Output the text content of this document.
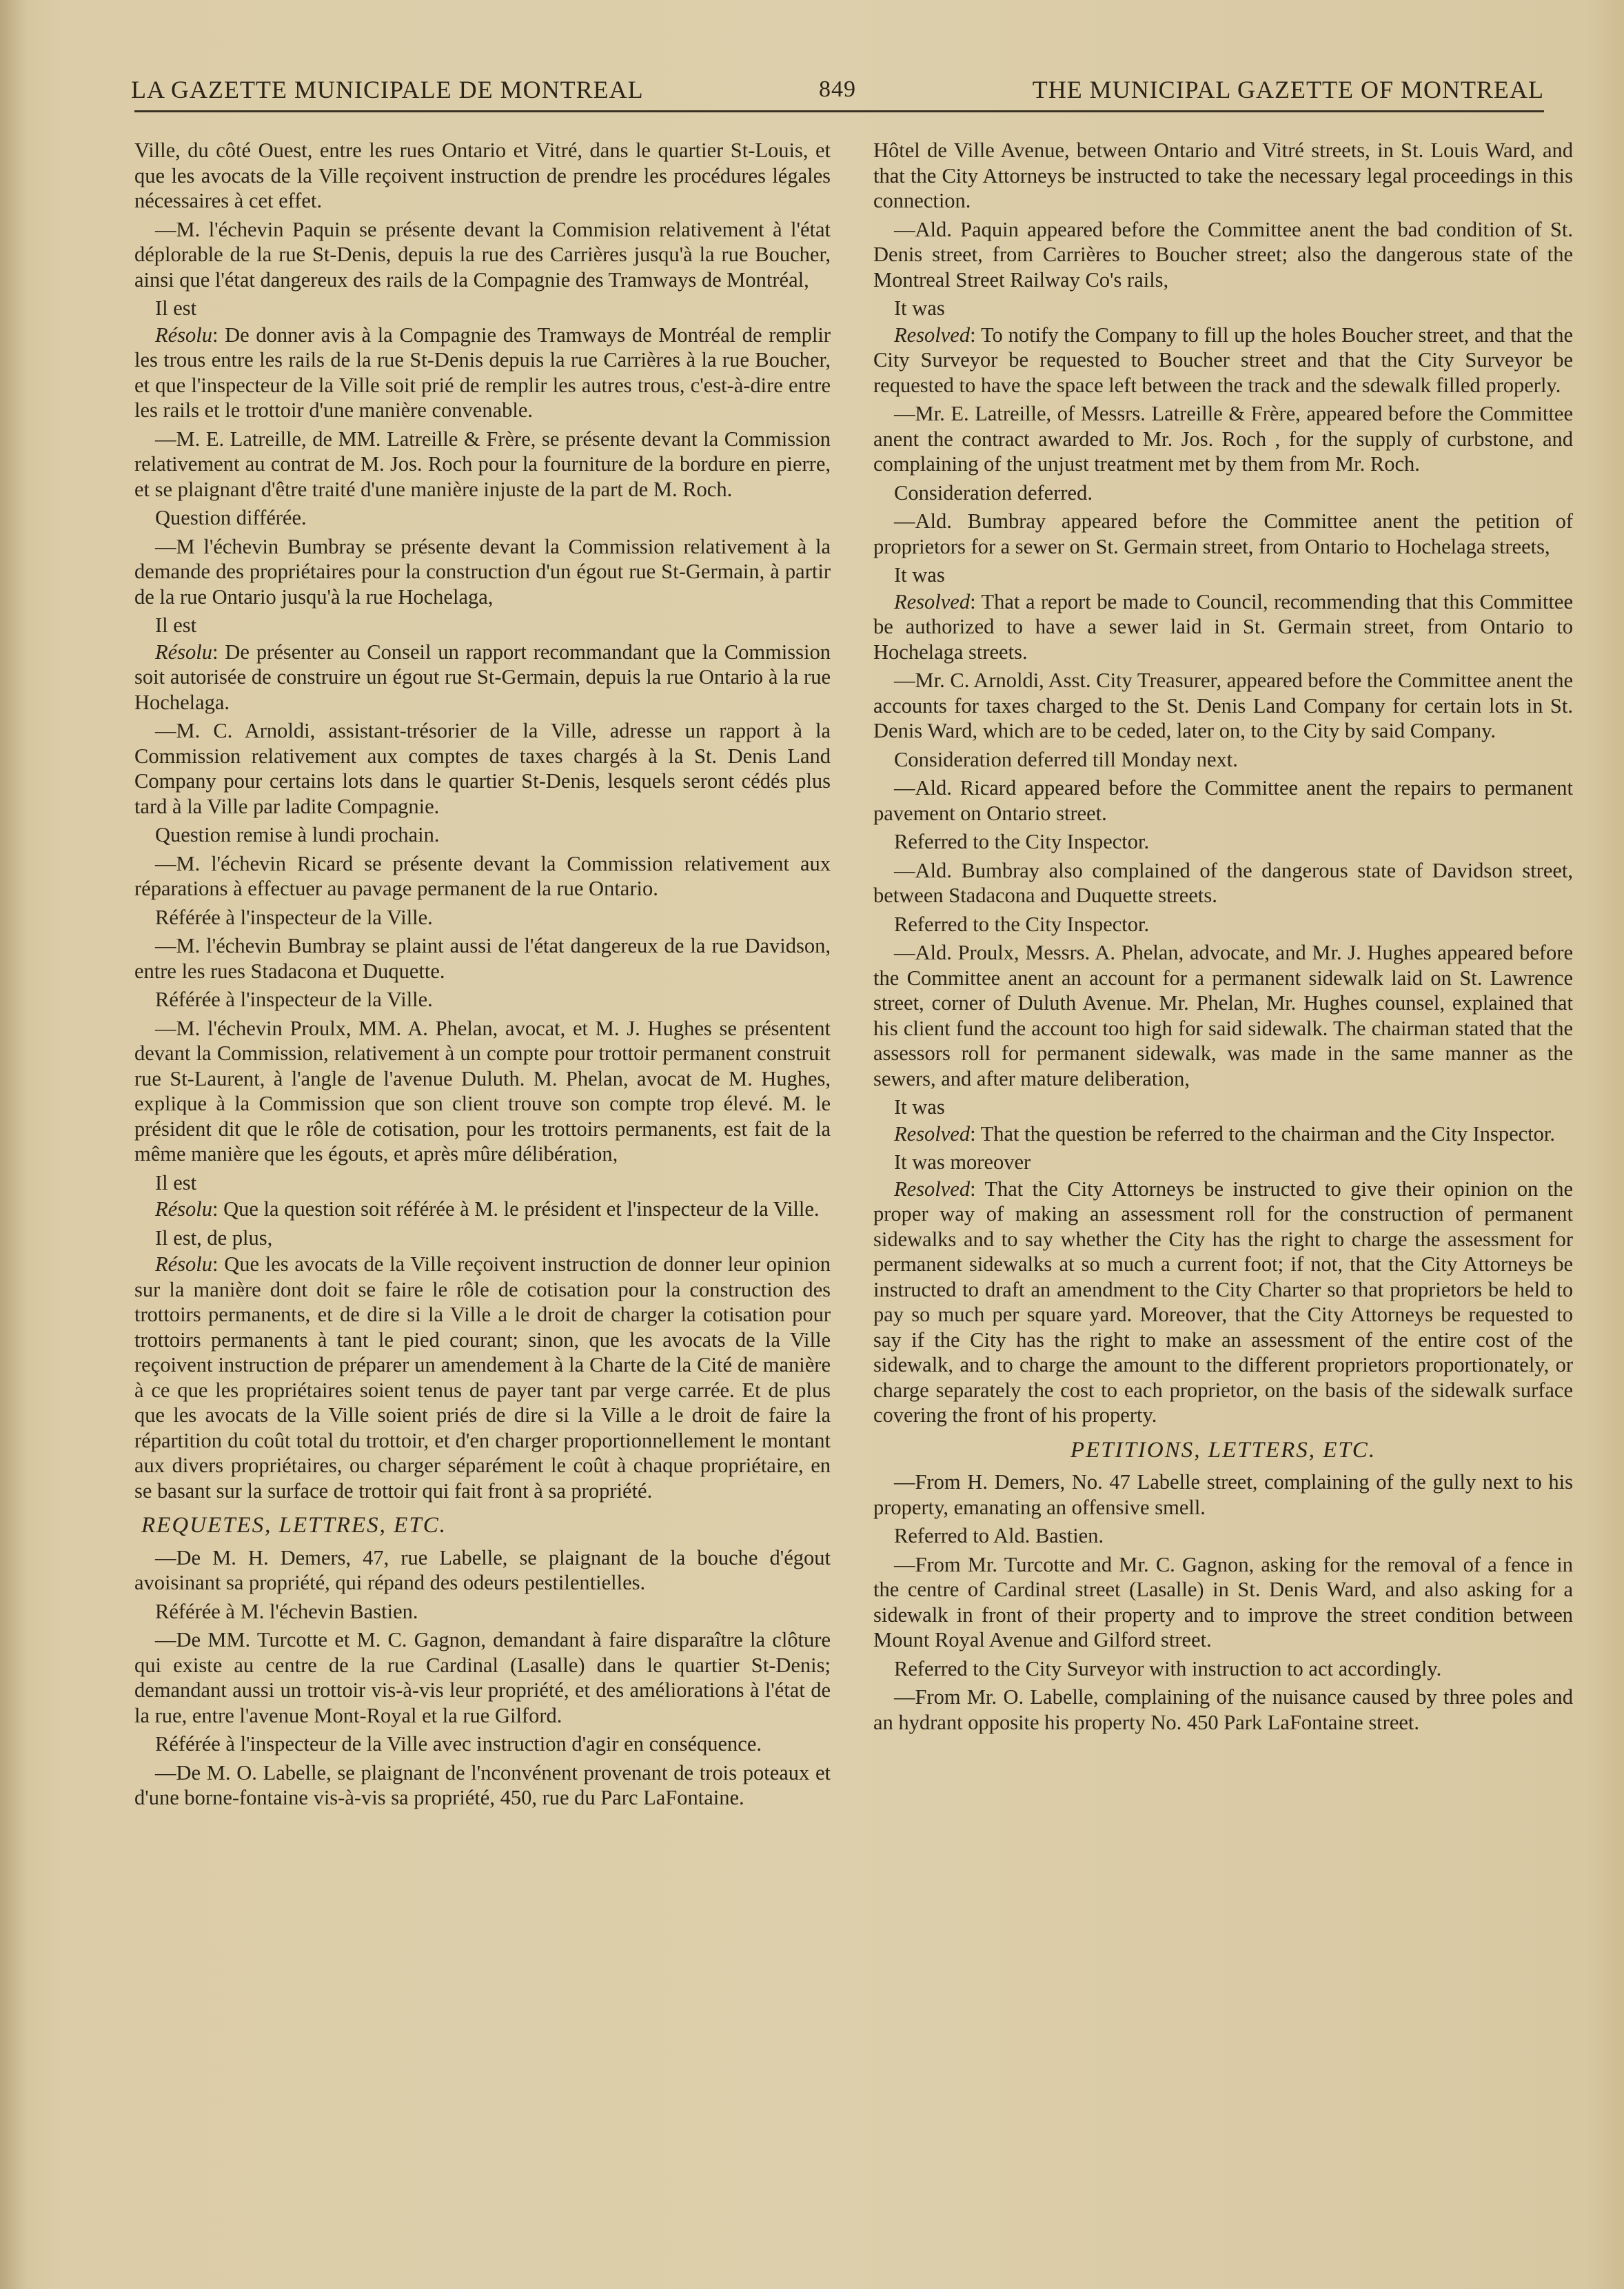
LA GAZETTE MUNICIPALE DE MONTREAL	849	THE MUNICIPAL GAZETTE OF MONTREAL

Ville, du côté Ouest, entre les rues Ontario et Vitré, dans le quartier St-Louis, et que les avocats de la Ville reçoivent instruction de prendre les procédures légales nécessaires à cet effet.

—M. l'échevin Paquin se présente devant la Commision relativement à l'état déplorable de la rue St-Denis, depuis la rue des Carrières jusqu'à la rue Boucher, ainsi que l'état dangereux des rails de la Compagnie des Tramways de Montréal,

Il est

Résolu: De donner avis à la Compagnie des Tramways de Montréal de remplir les trous entre les rails de la rue St-Denis depuis la rue Carrières à la rue Boucher, et que l'inspecteur de la Ville soit prié de remplir les autres trous, c'est-à-dire entre les rails et le trottoir d'une manière convenable.

—M. E. Latreille, de MM. Latreille & Frère, se présente devant la Commission relativement au contrat de M. Jos. Roch pour la fourniture de la bordure en pierre, et se plaignant d'être traité d'une manière injuste de la part de M. Roch.

Question différée.

—M l'échevin Bumbray se présente devant la Commission relativement à la demande des propriétaires pour la construction d'un égout rue St-Germain, à partir de la rue Ontario jusqu'à la rue Hochelaga,

Il est

Résolu: De présenter au Conseil un rapport recommandant que la Commission soit autorisée de construire un égout rue St-Germain, depuis la rue Ontario à la rue Hochelaga.

—M. C. Arnoldi, assistant-trésorier de la Ville, adresse un rapport à la Commission relativement aux comptes de taxes chargés à la St. Denis Land Company pour certains lots dans le quartier St-Denis, lesquels seront cédés plus tard à la Ville par ladite Compagnie.

Question remise à lundi prochain.

—M. l'échevin Ricard se présente devant la Commission relativement aux réparations à effectuer au pavage permanent de la rue Ontario.

Référée à l'inspecteur de la Ville.

—M. l'échevin Bumbray se plaint aussi de l'état dangereux de la rue Davidson, entre les rues Stadacona et Duquette.

Référée à l'inspecteur de la Ville.

—M. l'échevin Proulx, MM. A. Phelan, avocat, et M. J. Hughes se présentent devant la Commission, relativement à un compte pour trottoir permanent construit rue St-Laurent, à l'angle de l'avenue Duluth. M. Phelan, avocat de M. Hughes, explique à la Commission que son client trouve son compte trop élevé. M. le président dit que le rôle de cotisation, pour les trottoirs permanents, est fait de la même manière que les égouts, et après mûre délibération,

Il est

Résolu: Que la question soit référée à M. le président et l'inspecteur de la Ville.

Il est, de plus,

Résolu: Que les avocats de la Ville reçoivent instruction de donner leur opinion sur la manière dont doit se faire le rôle de cotisation pour la construction des trottoirs permanents, et de dire si la Ville a le droit de charger la cotisation pour trottoirs permanents à tant le pied courant; sinon, que les avocats de la Ville reçoivent instruction de préparer un amendement à la Charte de la Cité de manière à ce que les propriétaires soient tenus de payer tant par verge carrée. Et de plus que les avocats de la Ville soient priés de dire si la Ville a le droit de faire la répartition du coût total du trottoir, et d'en charger proportionnellement le montant aux divers propriétaires, ou charger séparément le coût à chaque propriétaire, en se basant sur la surface de trottoir qui fait front à sa propriété.

REQUETES, LETTRES, ETC.

—De M. H. Demers, 47, rue Labelle, se plaignant de la bouche d'égout avoisinant sa propriété, qui répand des odeurs pestilentielles.

Référée à M. l'échevin Bastien.

—De MM. Turcotte et M. C. Gagnon, demandant à faire disparaître la clôture qui existe au centre de la rue Cardinal (Lasalle) dans le quartier St-Denis; demandant aussi un trottoir vis-à-vis leur propriété, et des améliorations à l'état de la rue, entre l'avenue Mont-Royal et la rue Gilford.

Référée à l'inspecteur de la Ville avec instruction d'agir en conséquence.

—De M. O. Labelle, se plaignant de l'nconvénent provenant de trois poteaux et d'une borne-fontaine vis-à-vis sa propriété, 450, rue du Parc LaFontaine.

Hôtel de Ville Avenue, between Ontario and Vitré streets, in St. Louis Ward, and that the City Attorneys be instructed to take the necessary legal proceedings in this connection.

—Ald. Paquin appeared before the Committee anent the bad condition of St. Denis street, from Carrières to Boucher street; also the dangerous state of the Montreal Street Railway Co's rails,

It was

Resolved: To notify the Company to fill up the holes Boucher street, and that the City Surveyor be requested to Boucher street and that the City Surveyor be requested to have the space left between the track and the sdewalk filled properly.

—Mr. E. Latreille, of Messrs. Latreille & Frère, appeared before the Committee anent the contract awarded to Mr. Jos. Roch , for the supply of curbstone, and complaining of the unjust treatment met by them from Mr. Roch.

Consideration deferred.

—Ald. Bumbray appeared before the Committee anent the petition of proprietors for a sewer on St. Germain street, from Ontario to Hochelaga streets,

It was

Resolved: That a report be made to Council, recommending that this Committee be authorized to have a sewer laid in St. Germain street, from Ontario to Hochelaga streets.

—Mr. C. Arnoldi, Asst. City Treasurer, appeared before the Committee anent the accounts for taxes charged to the St. Denis Land Company for certain lots in St. Denis Ward, which are to be ceded, later on, to the City by said Company.

Consideration deferred till Monday next.

—Ald. Ricard appeared before the Committee anent the repairs to permanent pavement on Ontario street.

Referred to the City Inspector.

—Ald. Bumbray also complained of the dangerous state of Davidson street, between Stadacona and Duquette streets.

Referred to the City Inspector.

—Ald. Proulx, Messrs. A. Phelan, advocate, and Mr. J. Hughes appeared before the Committee anent an account for a permanent sidewalk laid on St. Lawrence street, corner of Duluth Avenue. Mr. Phelan, Mr. Hughes counsel, explained that his client fund the account too high for said sidewalk. The chairman stated that the assessors roll for permanent sidewalk, was made in the same manner as the sewers, and after mature deliberation,

It was

Resolved: That the question be referred to the chairman and the City Inspector.

It was moreover

Resolved: That the City Attorneys be instructed to give their opinion on the proper way of making an assessment roll for the construction of permanent sidewalks and to say whether the City has the right to charge the assessment for permanent sidewalks at so much a current foot; if not, that the City Attorneys be instructed to draft an amendment to the City Charter so that proprietors be held to pay so much per square yard. Moreover, that the City Attorneys be requested to say if the City has the right to make an assessment of the entire cost of the sidewalk, and to charge the amount to the different proprietors proportionately, or charge separately the cost to each proprietor, on the basis of the sidewalk surface covering the front of his property.

PETITIONS, LETTERS, ETC.

—From H. Demers, No. 47 Labelle street, complaining of the gully next to his property, emanating an offensive smell.

Referred to Ald. Bastien.

—From Mr. Turcotte and Mr. C. Gagnon, asking for the removal of a fence in the centre of Cardinal street (Lasalle) in St. Denis Ward, and also asking for a sidewalk in front of their property and to improve the street condition between Mount Royal Avenue and Gilford street.

Referred to the City Surveyor with instruction to act accordingly.

—From Mr. O. Labelle, complaining of the nuisance caused by three poles and an hydrant opposite his property No. 450 Park LaFontaine street.
